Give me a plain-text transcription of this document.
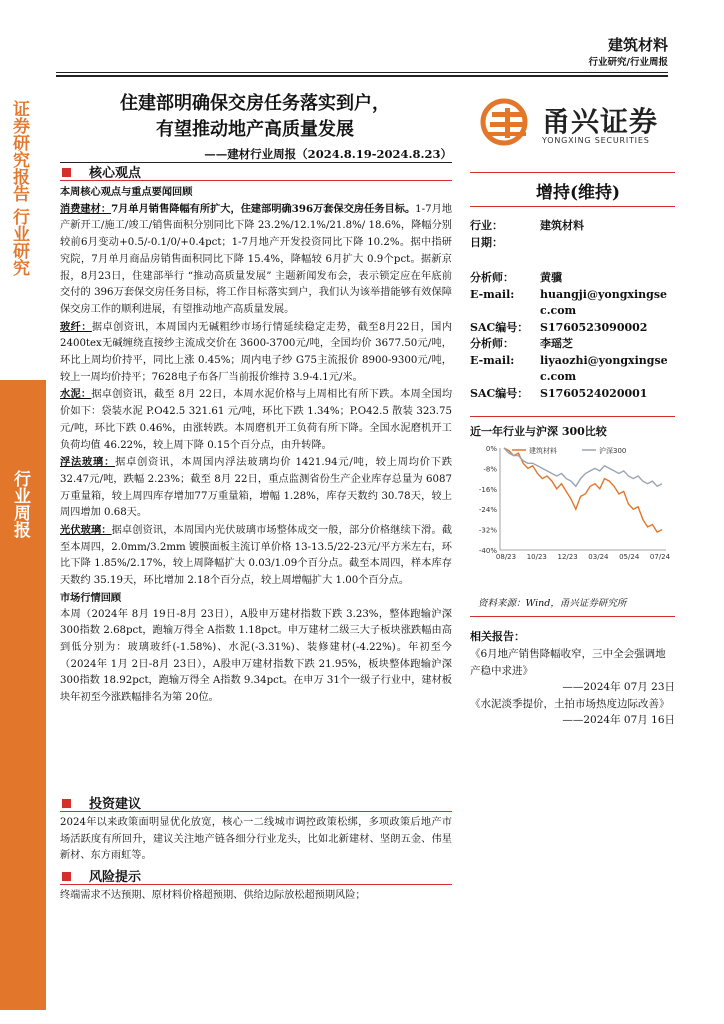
建筑材料
行业研究/行业周报
证券研究报告 行业研究
行业周报
住建部明确保交房任务落实到户，
有望推动地产高质量发展
——建材行业周报（2024.8.19-2024.8.23）
甬兴证券
YONGXING SECURITIES
核心观点

本周核心观点与重点要闻回顾

消费建材：7月单月销售降幅有所扩大，住建部明确396万套保交房任务目标。1-7月地产新开工/施工/竣工/销售面积分别同比下降 23.2%/12.1%/21.8%/ 18.6%，降幅分别较前6月变动+0.5/-0.1/0/+0.4pct；1-7月地产开发投资同比下降 10.2%。据中指研究院，7月单月商品房销售面积同比下降 15.4%，降幅较 6月扩大 0.9个pct。据新京报，8月23日，住建部举行 “推动高质量发展” 主题新闻发布会，表示锁定应在年底前交付的 396万套保交房任务目标，将工作目标落实到户，我们认为该举措能够有效保障保交房工作的顺利进展，有望推动地产高质量发展。

玻纤：据卓创资讯，本周国内无碱粗纱市场行情延续稳定走势，截至8月22日，国内2400tex无碱缠绕直接纱主流成交价在 3600-3700元/吨，全国均价 3677.50元/吨，环比上周均价持平，同比上涨 0.45%；周内电子纱 G75主流报价 8900-9300元/吨，较上一周均价持平；7628电子布各厂当前报价维持 3.9-4.1元/米。

水泥：据卓创资讯，截至 8月 22日，本周水泥价格与上周相比有所下跌。本周全国均价如下：袋装水泥 P.O42.5 321.61 元/吨，环比下跌 1.34%；P.O42.5 散装 323.75元/吨，环比下跌 0.46%，由涨转跌。本周磨机开工负荷有所下降。全国水泥磨机开工负荷均值 46.22%，较上周下降 0.15个百分点，由升转降。

浮法玻璃：据卓创资讯，本周国内浮法玻璃均价 1421.94元/吨，较上周均价下跌 32.47元/吨，跌幅 2.23%；截至 8月 22日，重点监测省份生产企业库存总量为 6087万重量箱，较上周四库存增加77万重量箱，增幅 1.28%，库存天数约 30.78天，较上周四增加 0.68天。

光伏玻璃：据卓创资讯，本周国内光伏玻璃市场整体成交一般，部分价格继续下滑。截至本周四，2.0mm/3.2mm 镀膜面板主流订单价格 13-13.5/22-23元/平方米左右，环比下降 1.85%/2.17%，较上周降幅扩大 0.03/1.09个百分点。截至本周四，样本库存天数约 35.19天，环比增加 2.18个百分点，较上周增幅扩大 1.00个百分点。

市场行情回顾

本周（2024年 8月 19日-8月 23日），A股申万建材指数下跌 3.23%，整体跑输沪深 300指数 2.68pct，跑输万得全 A指数 1.18pct。申万建材二级三大子板块涨跌幅由高到低分别为：玻璃玻纤(-1.58%)、水泥(-3.31%)、装修建材(-4.22%)。年初至今（2024年 1月 2日-8月 23日），A股申万建材指数下跌 21.95%，板块整体跑输沪深300指数 18.92pct，跑输万得全 A指数 9.34pct。在申万 31个一级子行业中，建材板块年初至今涨跌幅排名为第 20位。

投资建议
2024年以来政策面明显优化放宽，核心一二线城市调控政策松绑，多项政策后地产市场活跃度有所回升，建议关注地产链各细分行业龙头，比如北新建材、坚朗五金、伟星新材、东方雨虹等。
风险提示
终端需求不达预期、原材料价格超预期、供给边际放松超预期风险；
增持(维持)
行业：	建筑材料
日期：
分析师：	黄骥
E-mail:	huangji@yongxingsec.com
SAC编号：	S1760523090002
分析师：	李瑶芝
E-mail:	liyaozhi@yongxingsec.com
SAC编号：	S1760524020001
近一年行业与沪深 300比较
0%
-8%
-16%
-24%
-32%
-40%
08/23 10/23 12/23 03/24 05/24 07/24
建筑材料	沪深300
资料来源：Wind，甬兴证券研究所
相关报告：
《6月地产销售降幅收窄，三中全会强调地产稳中求进》
——2024年 07月 23日
《水泥淡季提价，土拍市场热度边际改善》
——2024年 07月 16日
